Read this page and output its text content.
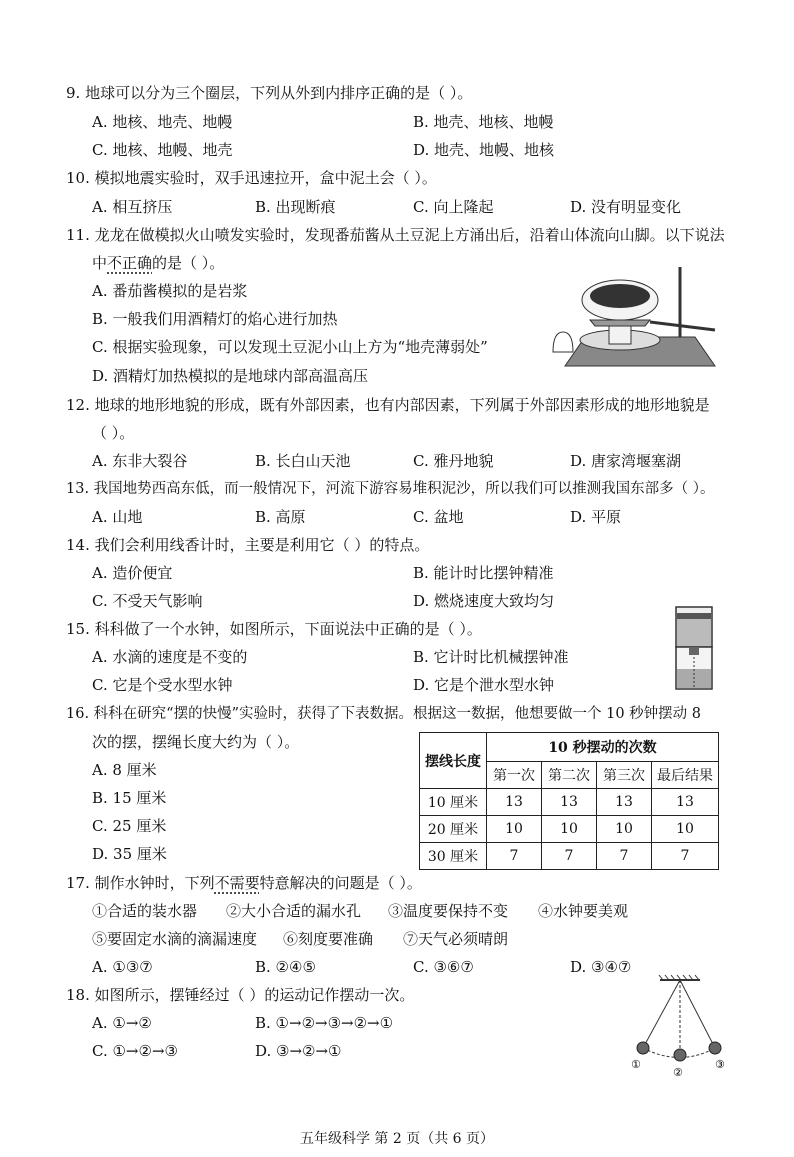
9. 地球可以分为三个圈层，下列从外到内排序正确的是（ ）。
A. 地核、地壳、地幔	B. 地壳、地核、地幔
C. 地核、地幔、地壳	D. 地壳、地幔、地核
10. 模拟地震实验时，双手迅速拉开，盒中泥土会（ ）。
A. 相互挤压	B. 出现断痕	C. 向上隆起	D. 没有明显变化
11. 龙龙在做模拟火山喷发实验时，发现番茄酱从土豆泥上方涌出后，沿着山体流向山脚。以下说法
中不正确的是（ ）。
A. 番茄酱模拟的是岩浆
B. 一般我们用酒精灯的焰心进行加热
C. 根据实验现象，可以发现土豆泥小山上方为“地壳薄弱处”
D. 酒精灯加热模拟的是地球内部高温高压
12. 地球的地形地貌的形成，既有外部因素，也有内部因素，下列属于外部因素形成的地形地貌是
（ ）。
A. 东非大裂谷	B. 长白山天池	C. 雅丹地貌	D. 唐家湾堰塞湖
13. 我国地势西高东低，而一般情况下，河流下游容易堆积泥沙，所以我们可以推测我国东部多（ ）。
A. 山地	B. 高原	C. 盆地	D. 平原
14. 我们会利用线香计时，主要是利用它（ ）的特点。
A. 造价便宜	B. 能计时比摆钟精准
C. 不受天气影响	D. 燃烧速度大致均匀
15. 科科做了一个水钟，如图所示，下面说法中正确的是（ ）。
A. 水滴的速度是不变的	B. 它计时比机械摆钟准
C. 它是个受水型水钟	D. 它是个泄水型水钟
16. 科科在研究“摆的快慢”实验时，获得了下表数据。根据这一数据，他想要做一个 10 秒钟摆动 8
次的摆，摆绳长度大约为（ ）。
A. 8 厘米
B. 15 厘米
C. 25 厘米
D. 35 厘米
摆线长度	10 秒摆动的次数			
	第一次	第二次	第三次	最后结果
10 厘米	13	13	13	13
20 厘米	10	10	10	10
30 厘米	7	7	7	7
17. 制作水钟时，下列不需要特意解决的问题是（ ）。
①合适的装水器 ②大小合适的漏水孔 ③温度要保持不变 ④水钟要美观
⑤要固定水滴的滴漏速度 ⑥刻度要准确 ⑦天气必须晴朗
A. ①③⑦	B. ②④⑤	C. ③⑥⑦	D. ③④⑦
18. 如图所示，摆锤经过（ ）的运动记作摆动一次。
A. ①→②	B. ①→②→③→②→①
C. ①→②→③	D. ③→②→①
①
②
③
五年级科学 第 2 页（共 6 页）
